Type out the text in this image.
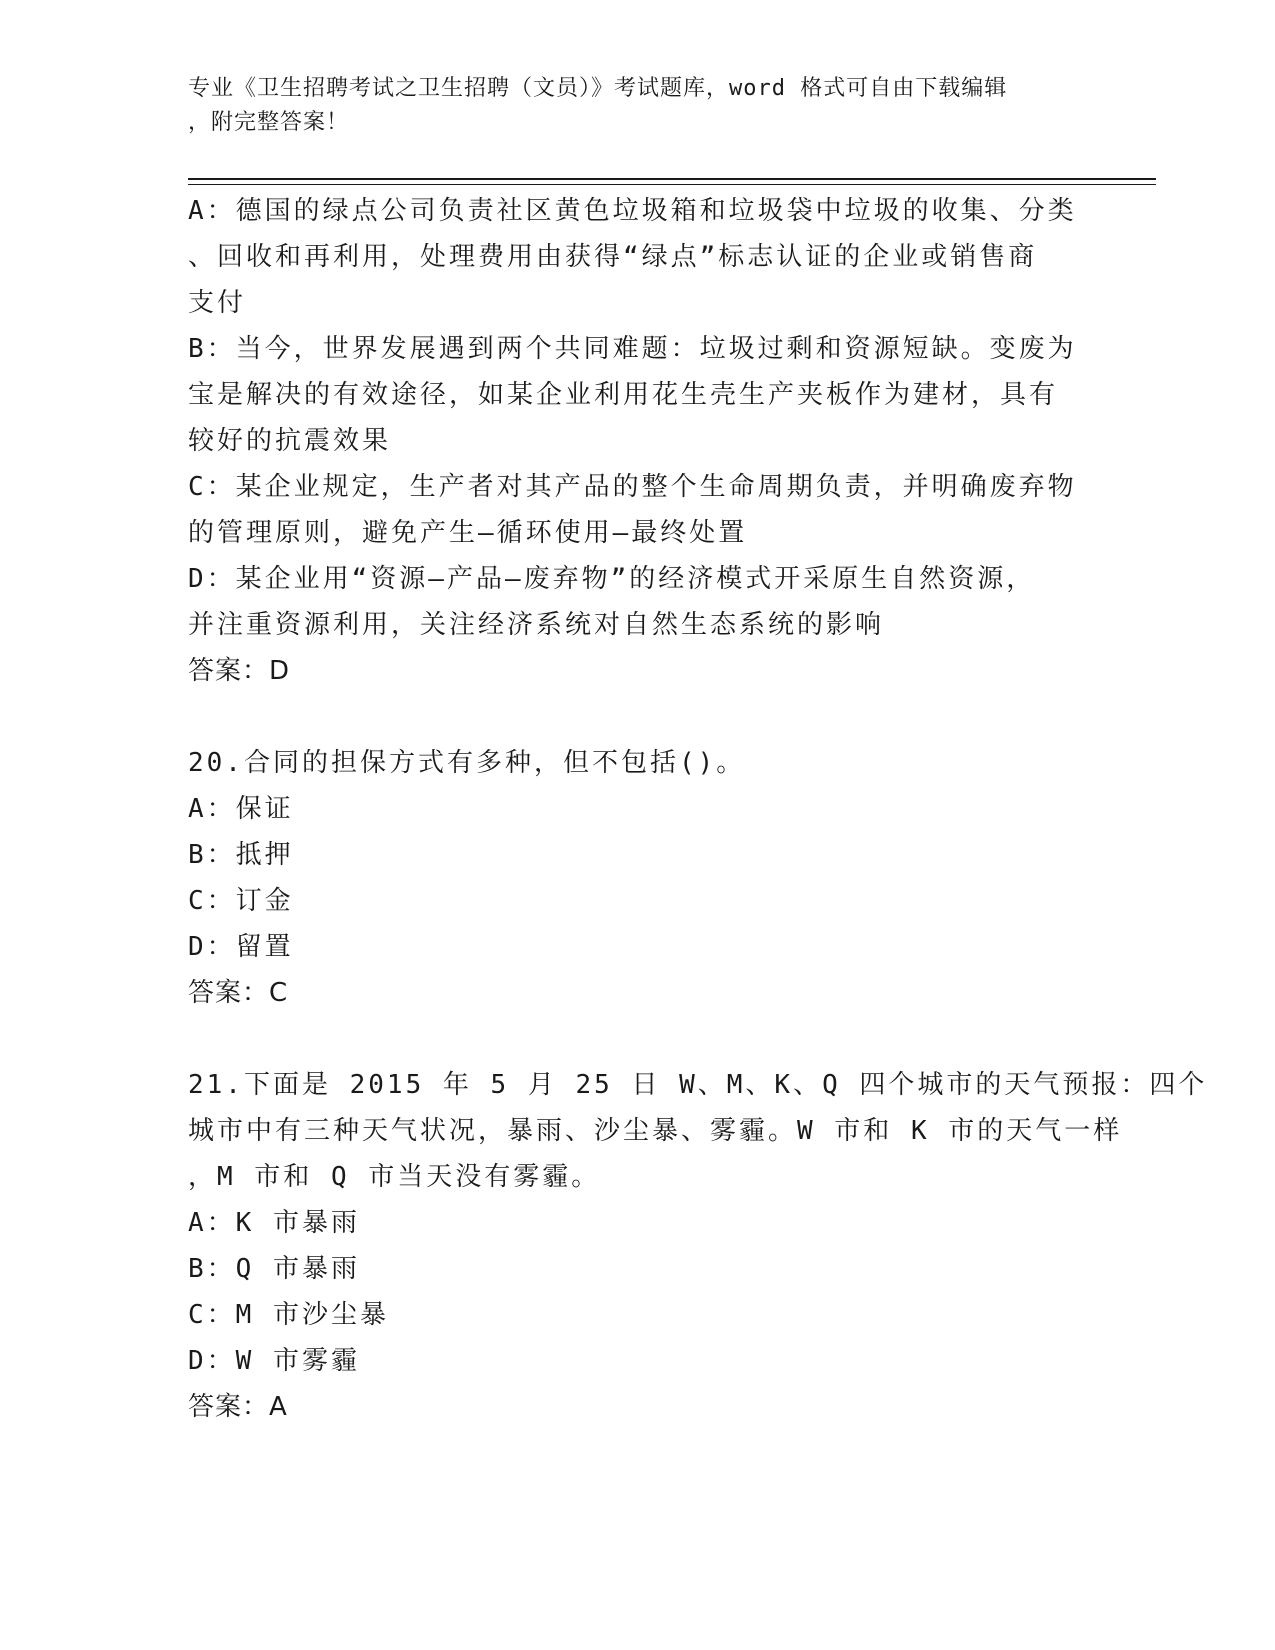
专业《卫生招聘考试之卫生招聘（文员）》考试题库，word 格式可自由下载编辑
，附完整答案！
A：德国的绿点公司负责社区黄色垃圾箱和垃圾袋中垃圾的收集、分类
、回收和再利用，处理费用由获得“绿点”标志认证的企业或销售商
支付
B：当今，世界发展遇到两个共同难题：垃圾过剩和资源短缺。变废为
宝是解决的有效途径，如某企业利用花生壳生产夹板作为建材，具有
较好的抗震效果
C：某企业规定，生产者对其产品的整个生命周期负责，并明确废弃物
的管理原则，避免产生—循环使用—最终处置
D：某企业用“资源—产品—废弃物”的经济模式开采原生自然资源，
并注重资源利用，关注经济系统对自然生态系统的影响
答案：D
20.合同的担保方式有多种，但不包括()。
A：保证
B：抵押
C：订金
D：留置
答案：C
21.下面是 2015 年 5 月 25 日 W、M、K、Q 四个城市的天气预报：四个
城市中有三种天气状况，暴雨、沙尘暴、雾霾。W 市和 K 市的天气一样
，M 市和 Q 市当天没有雾霾。
A：K 市暴雨
B：Q 市暴雨
C：M 市沙尘暴
D：W 市雾霾
答案：A
